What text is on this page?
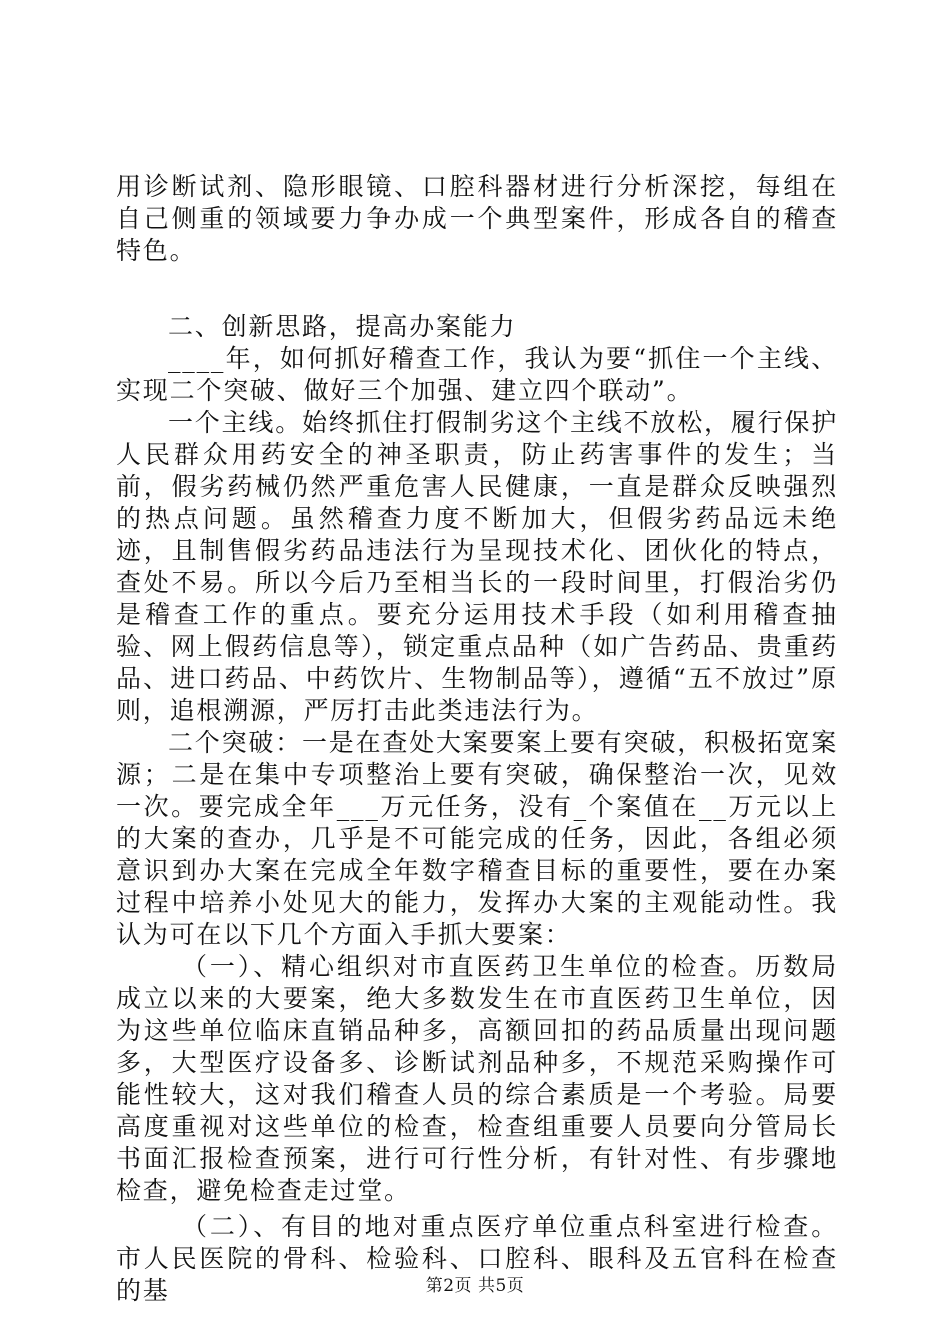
用诊断试剂、隐形眼镜、口腔科器材进行分析深挖，每组在自己侧重的领域要力争办成一个典型案件，形成各自的稽查特色。

二、创新思路，提高办案能力

____年，如何抓好稽查工作，我认为要“抓住一个主线、实现二个突破、做好三个加强、建立四个联动”。

一个主线。始终抓住打假制劣这个主线不放松，履行保护人民群众用药安全的神圣职责，防止药害事件的发生；当前，假劣药械仍然严重危害人民健康，一直是群众反映强烈的热点问题。虽然稽查力度不断加大，但假劣药品远未绝迹，且制售假劣药品违法行为呈现技术化、团伙化的特点，查处不易。所以今后乃至相当长的一段时间里，打假治劣仍是稽查工作的重点。要充分运用技术手段（如利用稽查抽验、网上假药信息等），锁定重点品种（如广告药品、贵重药品、进口药品、中药饮片、生物制品等），遵循“五不放过”原则，追根溯源，严厉打击此类违法行为。

二个突破：一是在查处大案要案上要有突破，积极拓宽案源；二是在集中专项整治上要有突破，确保整治一次，见效一次。要完成全年___万元任务，没有_个案值在__万元以上的大案的查办，几乎是不可能完成的任务，因此，各组必须意识到办大案在完成全年数字稽查目标的重要性，要在办案过程中培养小处见大的能力，发挥办大案的主观能动性。我认为可在以下几个方面入手抓大要案：

（一）、精心组织对市直医药卫生单位的检查。历数局成立以来的大要案，绝大多数发生在市直医药卫生单位，因为这些单位临床直销品种多，高额回扣的药品质量出现问题多，大型医疗设备多、诊断试剂品种多，不规范采购操作可能性较大，这对我们稽查人员的综合素质是一个考验。局要高度重视对这些单位的检查，检查组重要人员要向分管局长书面汇报检查预案，进行可行性分析，有针对性、有步骤地检查，避免检查走过堂。

（二）、有目的地对重点医疗单位重点科室进行检查。市人民医院的骨科、检验科、口腔科、眼科及五官科在检查的基	第2页 共5页
